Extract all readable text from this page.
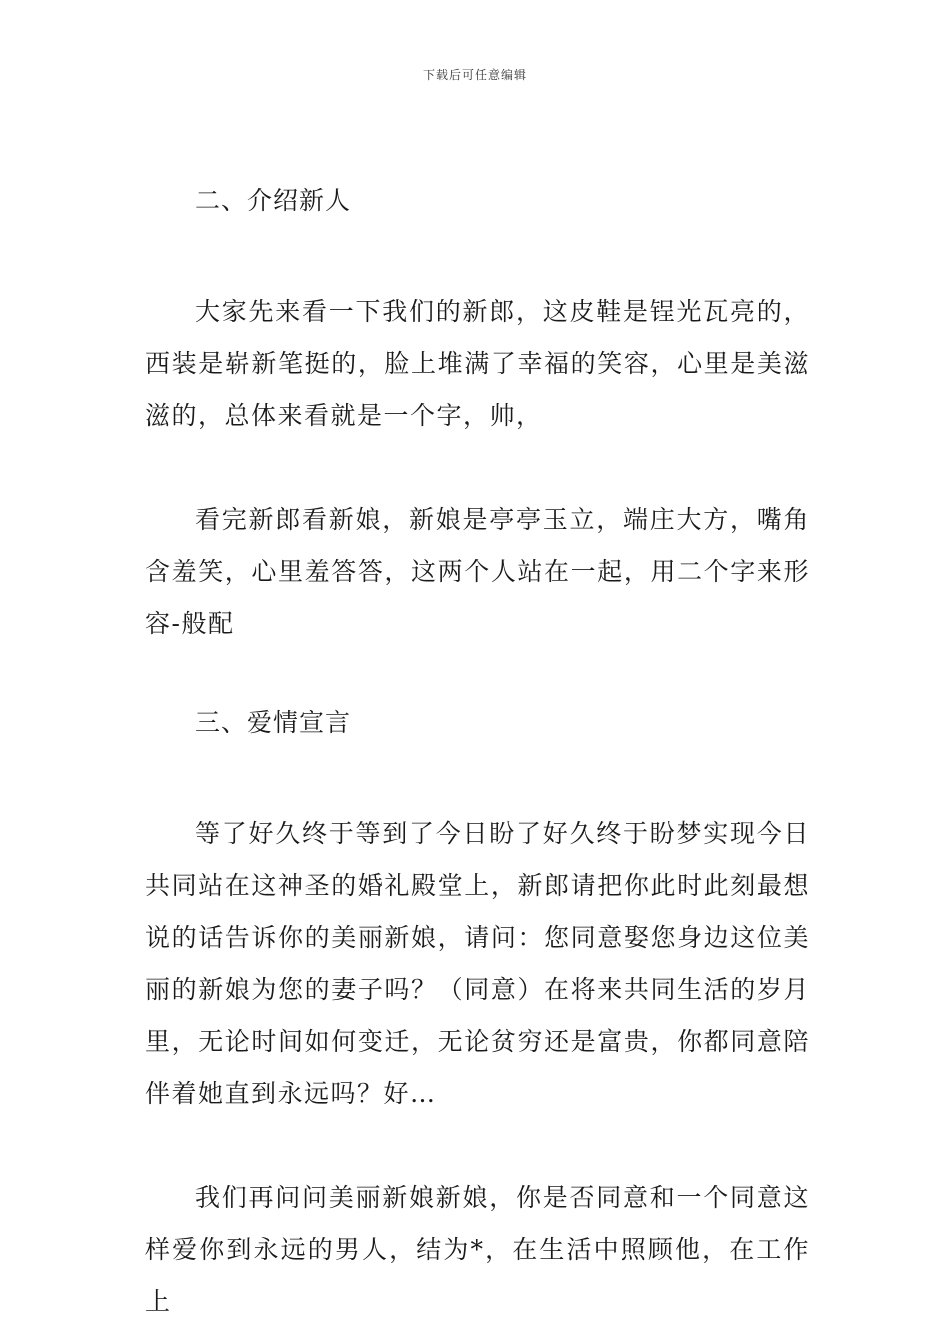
下载后可任意编辑
二、介绍新人

大家先来看一下我们的新郎，这皮鞋是锃光瓦亮的，西装是崭新笔挺的，脸上堆满了幸福的笑容，心里是美滋滋的，总体来看就是一个字，帅，

看完新郎看新娘，新娘是亭亭玉立，端庄大方，嘴角含羞笑，心里羞答答，这两个人站在一起，用二个字来形容-般配

三、爱情宣言

等了好久终于等到了今日盼了好久终于盼梦实现今日共同站在这神圣的婚礼殿堂上，新郎请把你此时此刻最想说的话告诉你的美丽新娘，请问：您同意娶您身边这位美丽的新娘为您的妻子吗？（同意）在将来共同生活的岁月里，无论时间如何变迁，无论贫穷还是富贵，你都同意陪伴着她直到永远吗？好…

我们再问问美丽新娘新娘，你是否同意和一个同意这样爱你到永远的男人，结为*，在生活中照顾他，在工作上
